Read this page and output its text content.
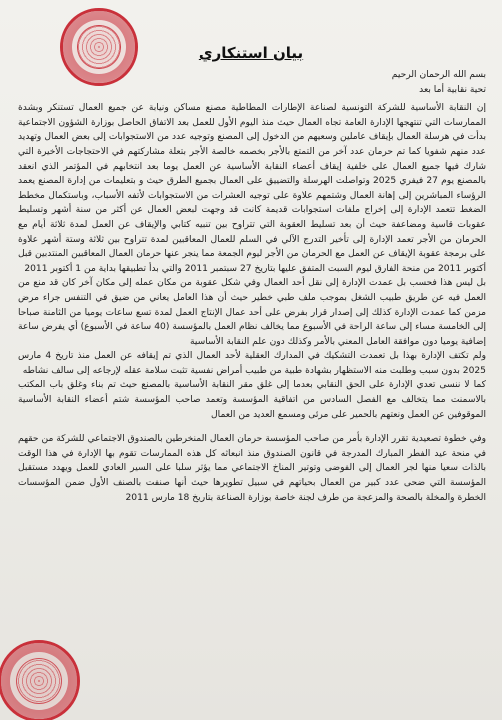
بيان استنكاري

بسم الله الرحمان الرحيم

تحية نقابية أما بعد

إن النقابة الأساسية للشركة التونسية لصناعة الإطارات المطاطية مصنع مساكن ونيابة عن جميع العمال تستنكر وبشدة الممارسات التي تنتهجها الإدارة العامة تجاه العمال حيث منذ اليوم الأول للعمل بعد الاتفاق الحاصل بوزارة الشؤون الاجتماعية بدأت في هرسلة العمال بإيقاف عاملين وسعيهم من الدخول إلى المصنع وتوجيه عدد من الاستجوابات إلى بعض العمال وتهديد عدد منهم شفويا كما تم حرمان عدد آخر من التمتع بالأجر بخصمه خالصة الأجر بتعلة مشاركتهم في الاحتجاجات الأخيرة التي شارك فيها جميع العمال على خلفية إيقاف أعضاء النقابة الأساسية عن العمل يوما بعد انتخابهم في المؤتمر الذي انعقد بالمصنع يوم 27 فيفري 2025 وتواصلت الهرسلة والتضييق على العمال بجميع الطرق حيث و بتعليمات من إدارة المصنع يعمد الرؤساء المباشرين إلى إهانة العمال وشتمهم علاوة على توجيه العشرات من الاستجوابات لأتفه الأسباب، وباستكمال مخطط الضغط تتعمد الإدارة إلى إخراج ملفات استجوابات قديمة كانت قد وجهت لبعض العمال عن أكثر من سنة أشهر وتسليط عقوبات قاسية ومضاعفة حيث أن بعد تسليط العقوبة التي تتراوح بين تنبيه كتابي والإيقاف عن العمل لمدة ثلاثة أيام مع الحرمان من الأجر تعمد الإدارة إلى تأخير التدرج الآلي في السلم للعمال المعاقبين لمدة تتراوح بين ثلاثة وستة أشهر علاوة على برمجة عقوبة الإيقاف عن العمل مع الحرمان من الأجر ليوم الجمعة مما ينجر عنها حرمان العمال المعاقبين المنتدبين قبل أكتوبر 2011 من منحة الفارق ليوم السبت المتفق عليها بتاريخ 27 سبتمبر 2011 والتي بدأ تطبيقها بداية من 1 أكتوبر 2011

بل ليس هذا فحسب بل عمدت الإدارة إلى نقل أحد العمال وفي شكل عقوبة من مكان عمله إلى مكان آخر كان قد منع من العمل فيه عن طريق طبيب الشغل بموجب ملف طبي خطير حيث أن هذا العامل يعاني من ضيق في التنفس جراء مرض مزمن كما عمدت الإدارة كذلك إلى إصدار قرار بفرض على أحد عمال الإنتاج العمل لمدة تسع ساعات يوميا من الثامنة صباحا إلى الخامسة مساء إلى ساعة الراحة في الأسبوع مما يخالف نظام العمل بالمؤسسة (40 ساعة في الأسبوع) أي يفرض ساعة إضافية يوميا دون موافقة العامل المعني بالأمر وكذلك دون علم النقابة الأساسية

ولم تكتف الإدارة بهذا بل تعمدت التشكيك في المدارك العقلية لأحد العمال الذي تم إيقافه عن العمل منذ تاريخ 4 مارس 2025 بدون سبب وطلبت منه الاستظهار بشهادة طبية من طبيب أمراض نفسية تثبت سلامة عقله لإرجاعه إلى سالف نشاطه

كما لا ننسى تعدي الإدارة على الحق النقابي بعدما إلى غلق مقر النقابة الأساسية بالمصنع حيث تم بناء وغلق باب المكتب بالاسمنت مما يتخالف مع الفصل السادس من اتفاقية المؤسسة وتعمد صاحب المؤسسة شتم أعضاء النقابة الأساسية الموقوفين عن العمل ونعتهم بالحمير على مرئى ومسمع العديد من العمال

وفي خطوة تصعيدية تقرر الإدارة بأمر من صاحب المؤسسة حرمان العمال المنخرطين بالصندوق الاجتماعي للشركة من حقهم في منحة عيد الفطر المبارك المدرجة في قانون الصندوق منذ انبعاثه كل هذه الممارسات تقوم بها الإدارة في هذا الوقت بالذات سعيا منها لجر العمال إلى الفوضى وتوتير المناخ الاجتماعي مما يؤثر سلبا على السير العادي للعمل ويهدد مستقبل المؤسسة التي ضحى عدد كبير من العمال بحياتهم في سبيل تطويرها حيث أنها صنفت بالصنف الأول ضمن المؤسسات الخطرة والمخلة بالصحة والمزعجة من طرف لجنة خاصة بوزارة الصناعة بتاريخ 18 مارس 2011
